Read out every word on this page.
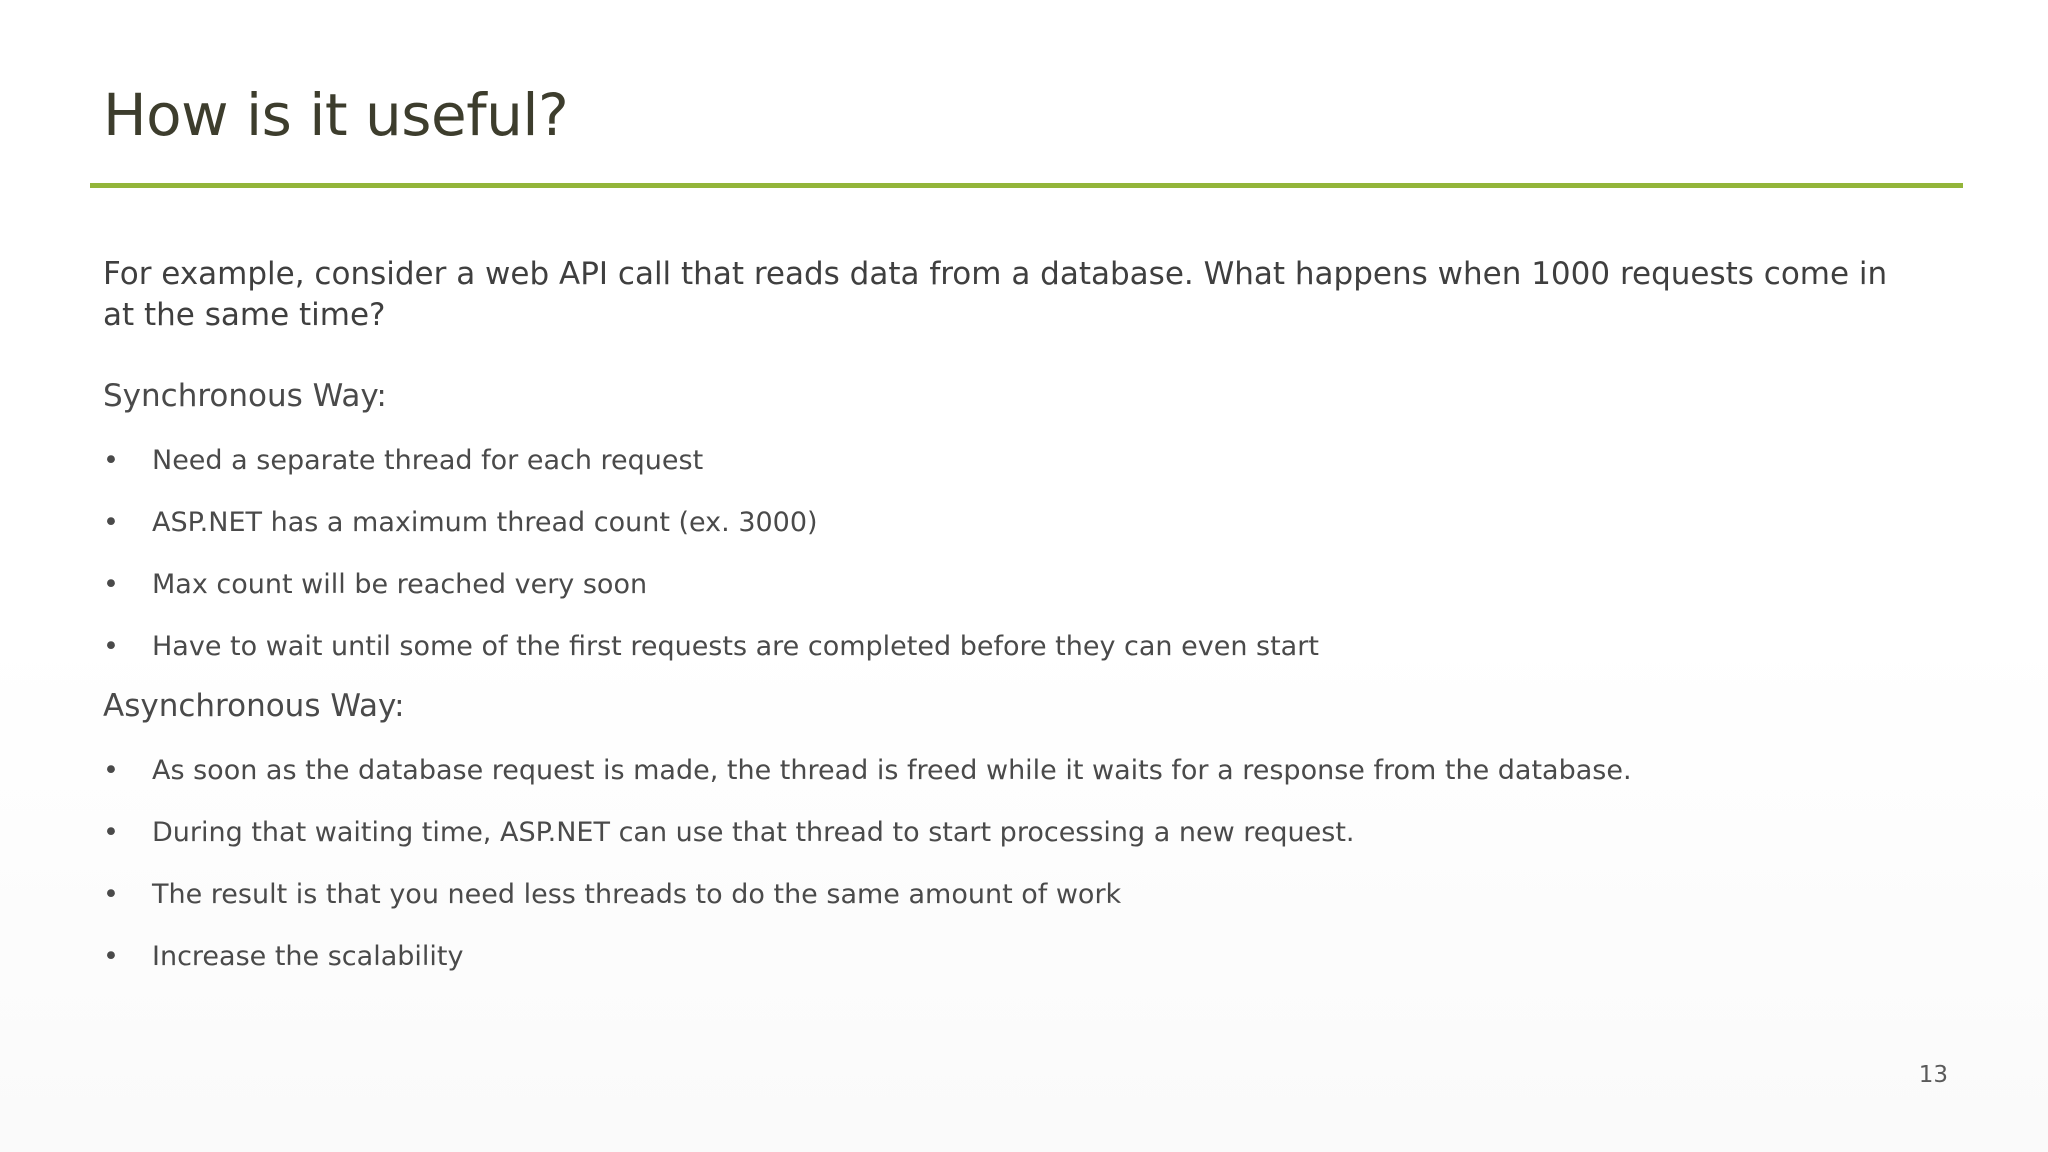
How is it useful?

For example, consider a web API call that reads data from a database. What happens when 1000 requests come in at the same time?

Synchronous Way:

• Need a separate thread for each request
• ASP.NET has a maximum thread count (ex. 3000)
• Max count will be reached very soon
• Have to wait until some of the first requests are completed before they can even start

Asynchronous Way:

• As soon as the database request is made, the thread is freed while it waits for a response from the database.
• During that waiting time, ASP.NET can use that thread to start processing a new request.
• The result is that you need less threads to do the same amount of work
• Increase the scalability
13
